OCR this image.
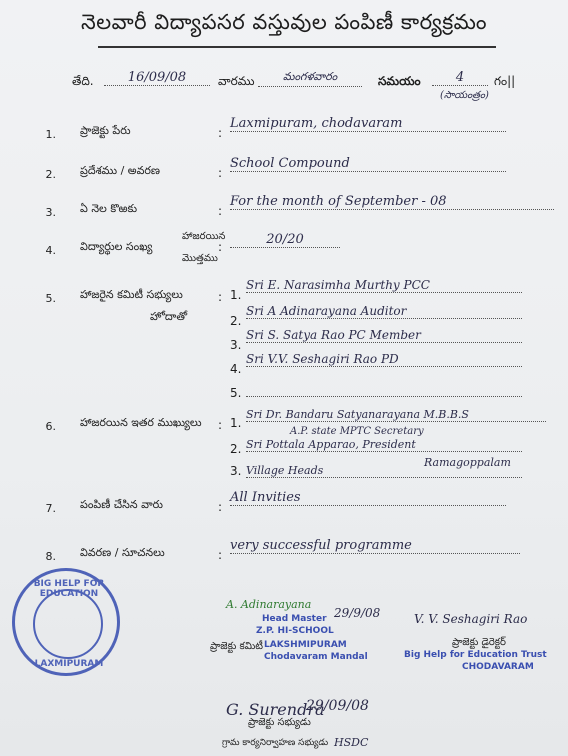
నెలవారీ విద్యాపసర వస్తువుల పంపిణీ కార్యక్రమం
తేది.	16/09/08	వారము	మంగళవారం	సమయం	4	గం||
(సాయంత్రం)
1. ప్రాజెక్టు పేరు	:
Laxmipuram, chodavaram
2. ప్రదేశము / అవరణ	:
School Compound
3. ఏ నెల కొఱకు	:
For the month of September - 08
4. విద్యార్థుల సంఖ్య
హాజరయిన
మొత్తము
:	20/20
5. హాజరైన కమిటీ సభ్యులు
హోదాతో
: 1.
Sri E. Narasimha Murthy PCC
2.
Sri A Adinarayana Auditor
3.
Sri S. Satya Rao PC Member
4.
Sri V.V. Seshagiri Rao PD
5.
6. హాజరయిన ఇతర ముఖ్యులు : 1.
Sri Dr. Bandaru Satyanarayana M.B.B.S
A.P. state MPTC Secretary
2. Sri Pottala Apparao, President
Ramagoppalam
3. Village Heads
7. పంపిణీ చేసిన వారు	:
All Invities
8. వివరణ / సూచనలు	:
very successful programme
BIG HELP FOR EDUCATION
LAXMIPURAM
A. Adinarayana
29/9/08
Head Master
Z.P. HI-SCHOOL
ప్రాజెక్టు కమిటీ LAKSHMIPURAM
Chodavaram Mandal
V. V. Seshagiri Rao
ప్రాజెక్టు డైరెక్టర్
Big Help for Education Trust
CHODAVARAM
G. Surendra
29/09/08
ప్రాజెక్టు సభ్యుడు
గ్రామ కార్యనిర్వాహణ సభ్యుడు HSDC
